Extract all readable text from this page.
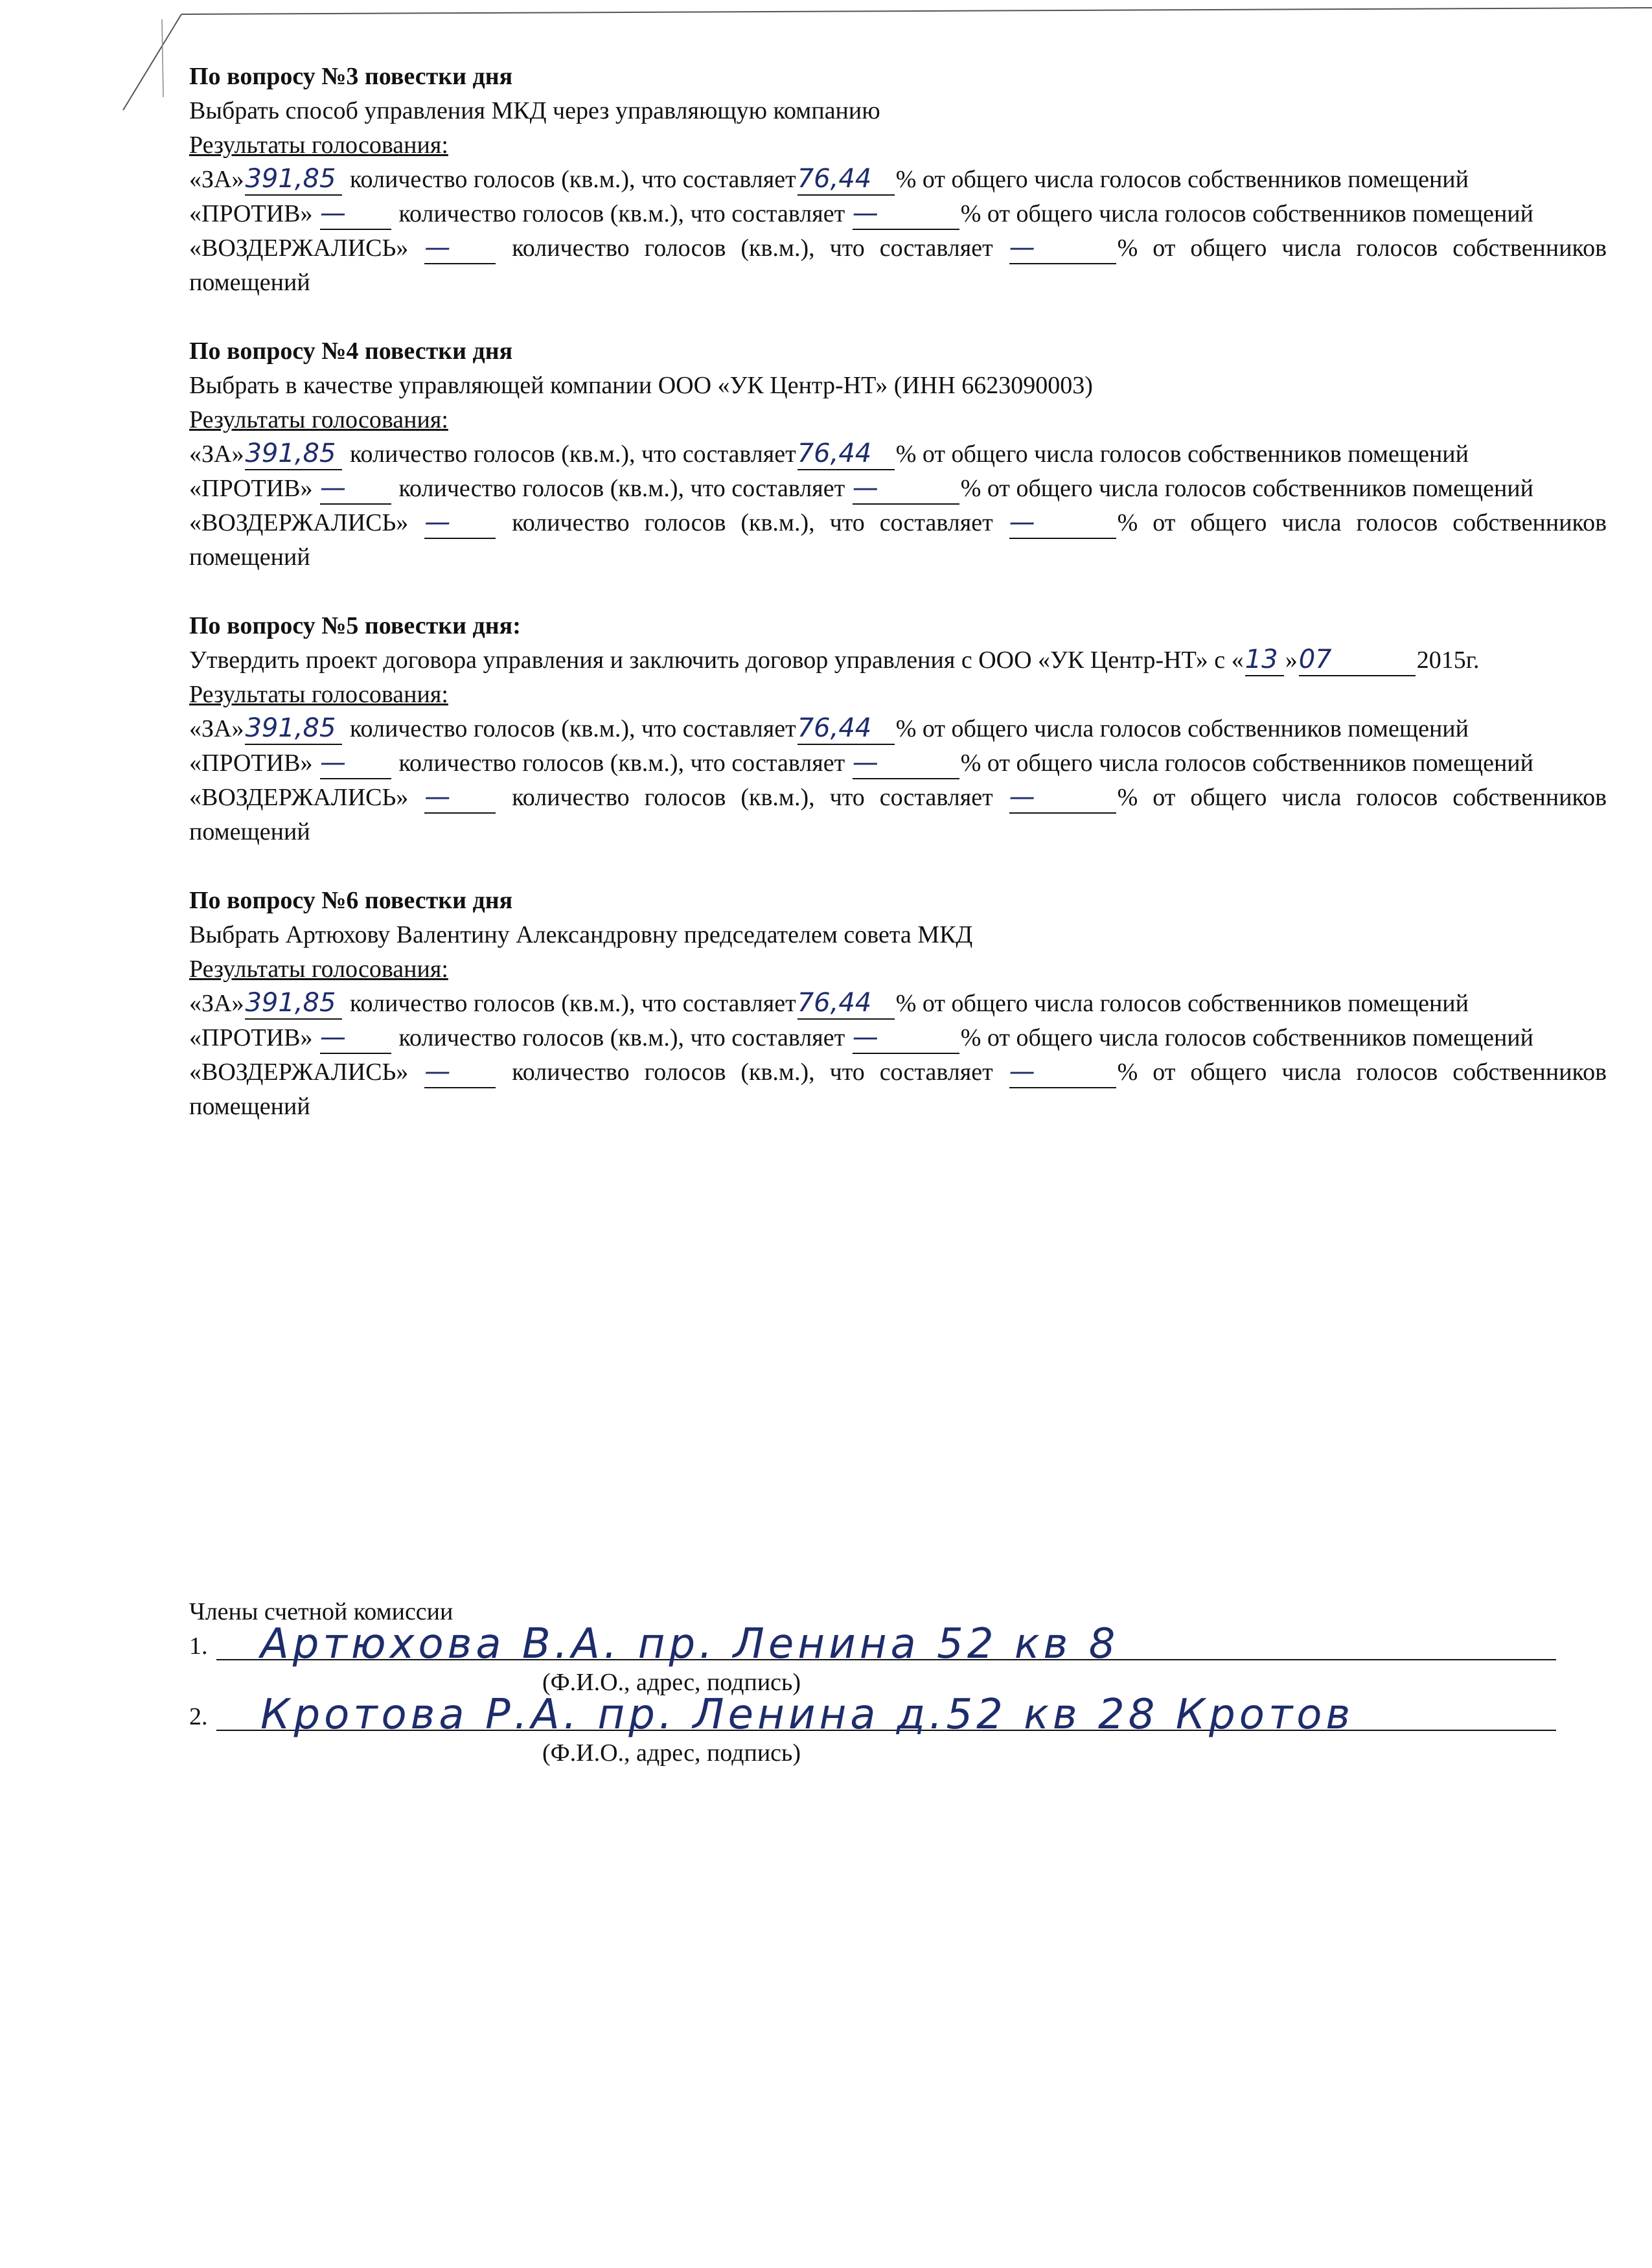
По вопросу №3 повестки дня
Выбрать способ управления МКД через управляющую компанию
Результаты голосования:
«ЗА»391,85 количество голосов (кв.м.), что составляет76,44 % от общего числа голосов собственников помещений
«ПРОТИВ» — количество голосов (кв.м.), что составляет —	% от общего числа голосов собственников помещений
«ВОЗДЕРЖАЛИСЬ» — количество голосов (кв.м.), что составляет —	% от общего числа голосов собственников помещений
По вопросу №4 повестки дня
Выбрать в качестве управляющей компании ООО «УК Центр-НТ» (ИНН 6623090003)
Результаты голосования:
«ЗА»391,85 количество голосов (кв.м.), что составляет76,44 % от общего числа голосов собственников помещений
«ПРОТИВ» — количество голосов (кв.м.), что составляет —	% от общего числа голосов собственников помещений
«ВОЗДЕРЖАЛИСЬ» — количество голосов (кв.м.), что составляет —	% от общего числа голосов собственников помещений
По вопросу №5 повестки дня:
Утвердить проект договора управления и заключить договор управления с ООО «УК Центр-НТ» с «13 »07	2015г.
Результаты голосования:
«ЗА»391,85 количество голосов (кв.м.), что составляет76,44 % от общего числа голосов собственников помещений
«ПРОТИВ» — количество голосов (кв.м.), что составляет —	% от общего числа голосов собственников помещений
«ВОЗДЕРЖАЛИСЬ» — количество голосов (кв.м.), что составляет —	% от общего числа голосов собственников помещений
По вопросу №6 повестки дня
Выбрать Артюхову Валентину Александровну председателем совета МКД
Результаты голосования:
«ЗА»391,85 количество голосов (кв.м.), что составляет76,44 % от общего числа голосов собственников помещений
«ПРОТИВ» — количество голосов (кв.м.), что составляет —	% от общего числа голосов собственников помещений
«ВОЗДЕРЖАЛИСЬ» — количество голосов (кв.м.), что составляет —	% от общего числа голосов собственников помещений
Члены счетной комиссии
1. Артюхова В.А. пр. Ленина 52 кв 8
(Ф.И.О., адрес, подпись)
2. Кротова Р.А. пр. Ленина д.52 кв 28 Кротов
(Ф.И.О., адрес, подпись)
